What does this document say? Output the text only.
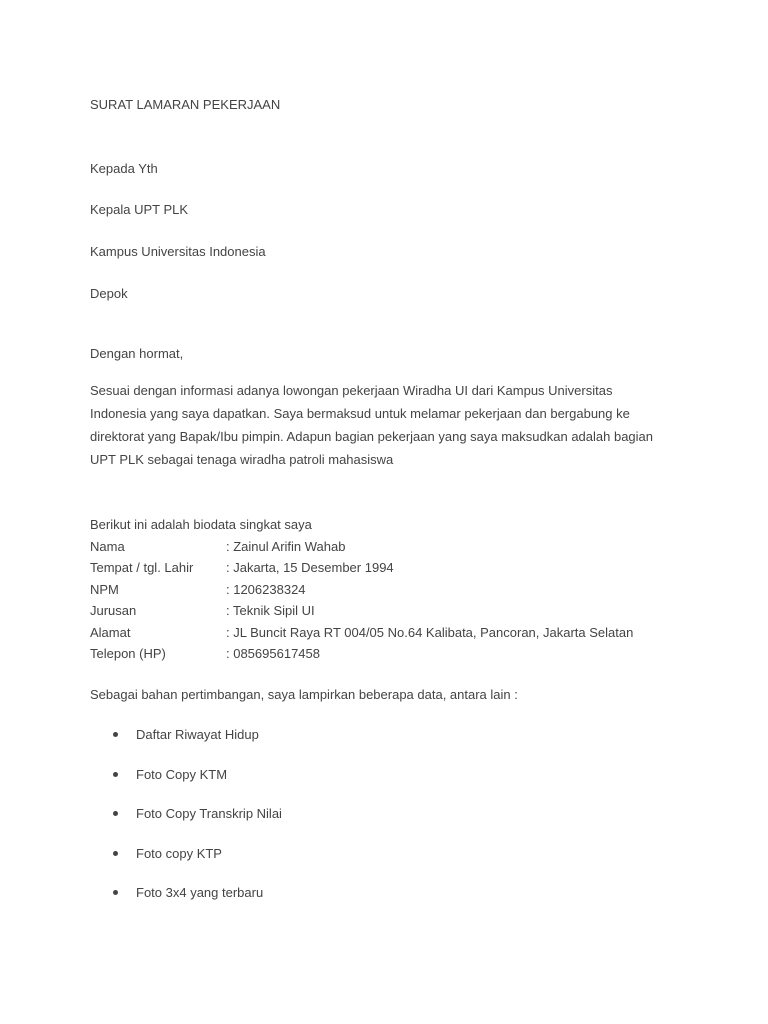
SURAT LAMARAN PEKERJAAN
Kepada Yth
Kepala UPT PLK
Kampus Universitas Indonesia
Depok
Dengan hormat,
Sesuai dengan informasi adanya lowongan pekerjaan Wiradha UI dari Kampus Universitas
Indonesia yang saya dapatkan. Saya bermaksud untuk melamar pekerjaan dan bergabung ke
direktorat yang Bapak/Ibu pimpin. Adapun bagian pekerjaan yang saya maksudkan adalah bagian
UPT PLK sebagai tenaga wiradha patroli mahasiswa
Berikut ini adalah biodata singkat saya
Nama	: Zainul Arifin Wahab
Tempat / tgl. Lahir	: Jakarta, 15 Desember 1994
NPM	: 1206238324
Jurusan	: Teknik Sipil UI
Alamat	: JL Buncit Raya RT 004/05 No.64 Kalibata, Pancoran, Jakarta Selatan
Telepon (HP)	: 085695617458
Sebagai bahan pertimbangan, saya lampirkan beberapa data, antara lain :
Daftar Riwayat Hidup
Foto Copy KTM
Foto Copy Transkrip Nilai
Foto copy KTP
Foto 3x4 yang terbaru
